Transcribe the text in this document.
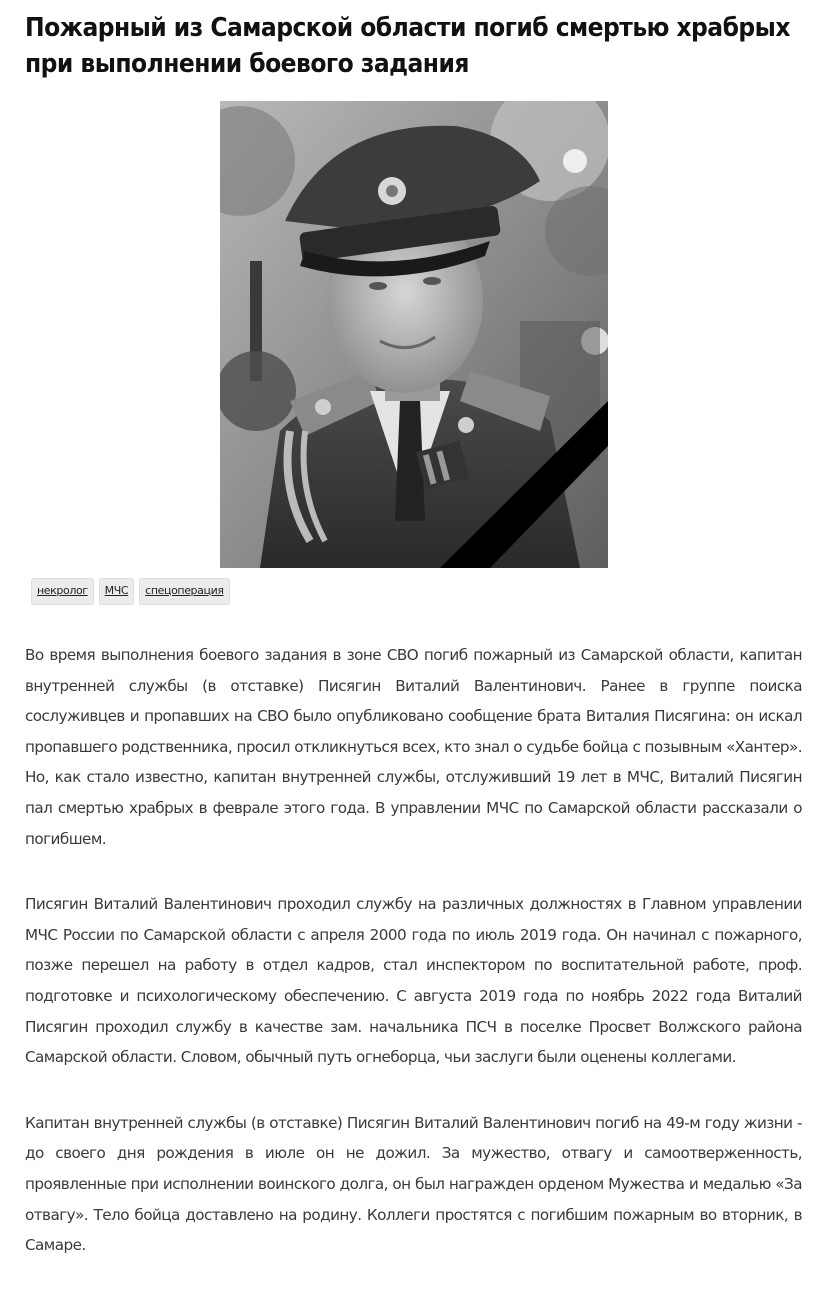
Пожарный из Самарской области погиб смертью храбрых при выполнении боевого задания
некролог	МЧС	спецоперация

Во время выполнения боевого задания в зоне СВО погиб пожарный из Самарской области, капитан внутренней службы (в отставке) Писягин Виталий Валентинович. Ранее в группе поиска сослуживцев и пропавших на СВО было опубликовано сообщение брата Виталия Писягина: он искал пропавшего родственника, просил откликнуться всех, кто знал о судьбе бойца с позывным «Хантер». Но, как стало известно, капитан внутренней службы, отслуживший 19 лет в МЧС, Виталий Писягин пал смертью храбрых в феврале этого года. В управлении МЧС по Самарской области рассказали о погибшем.

Писягин Виталий Валентинович проходил службу на различных должностях в Главном управлении МЧС России по Самарской области с апреля 2000 года по июль 2019 года. Он начинал с пожарного, позже перешел на работу в отдел кадров, стал инспектором по воспитательной работе, проф. подготовке и психологическому обеспечению. С августа 2019 года по ноябрь 2022 года Виталий Писягин проходил службу в качестве зам. начальника ПСЧ в поселке Просвет Волжского района Самарской области. Словом, обычный путь огнеборца, чьи заслуги были оценены коллегами.

Капитан внутренней службы (в отставке) Писягин Виталий Валентинович погиб на 49-м году жизни - до своего дня рождения в июле он не дожил. За мужество, отвагу и самоотверженность, проявленные при исполнении воинского долга, он был награжден орденом Мужества и медалью «За отвагу». Тело бойца доставлено на родину. Коллеги простятся с погибшим пожарным во вторник, в Самаре.
